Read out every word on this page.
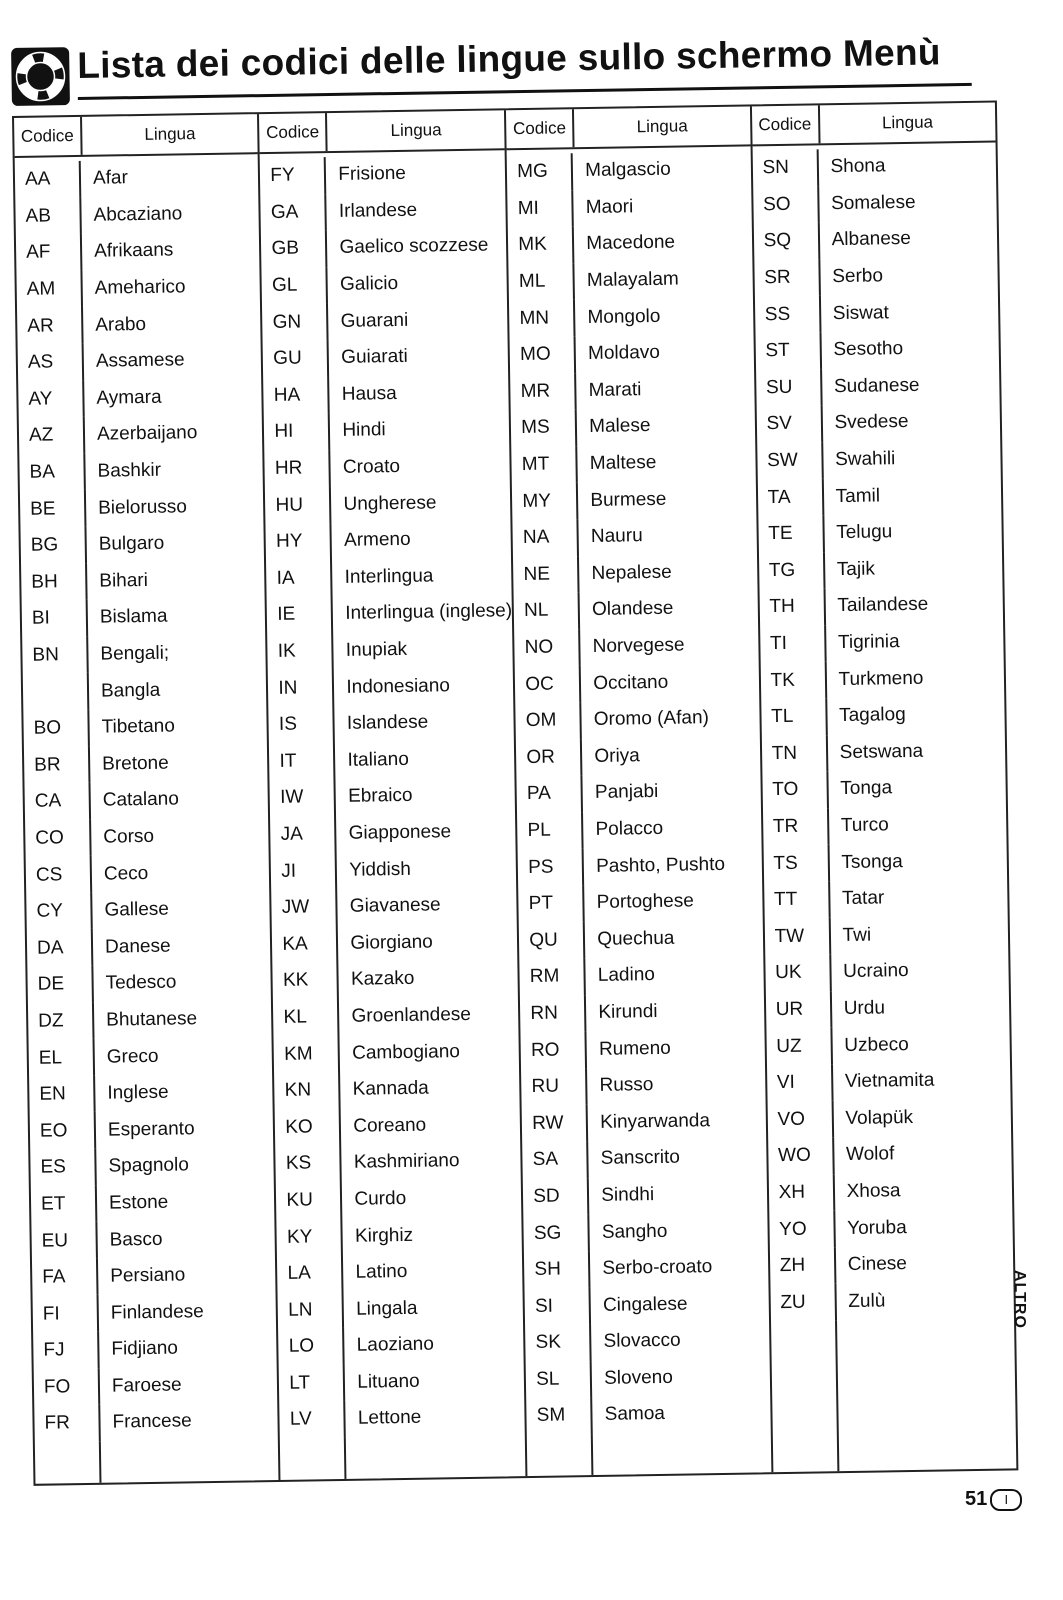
Lista dei codici delle lingue sullo schermo Menù
Codice	Lingua
AA	Afar
AB	Abcaziano
AF	Afrikaans
AM	Ameharico
AR	Arabo
AS	Assamese
AY	Aymara
AZ	Azerbaijano
BA	Bashkir
BE	Bielorusso
BG	Bulgaro
BH	Bihari
BI	Bislama
BN	Bengali;
Bangla
BO	Tibetano
BR	Bretone
CA	Catalano
CO	Corso
CS	Ceco
CY	Gallese
DA	Danese
DE	Tedesco
DZ	Bhutanese
EL	Greco
EN	Inglese
EO	Esperanto
ES	Spagnolo
ET	Estone
EU	Basco
FA	Persiano
FI	Finlandese
FJ	Fidjiano
FO	Faroese
FR	Francese
Codice	Lingua
FY	Frisione
GA	Irlandese
GB	Gaelico scozzese
GL	Galicio
GN	Guarani
GU	Guiarati
HA	Hausa
HI	Hindi
HR	Croato
HU	Ungherese
HY	Armeno
IA	Interlingua
IE	Interlingua (inglese)
IK	Inupiak
IN	Indonesiano
IS	Islandese
IT	Italiano
IW	Ebraico
JA	Giapponese
JI	Yiddish
JW	Giavanese
KA	Giorgiano
KK	Kazako
KL	Groenlandese
KM	Cambogiano
KN	Kannada
KO	Coreano
KS	Kashmiriano
KU	Curdo
KY	Kirghiz
LA	Latino
LN	Lingala
LO	Laoziano
LT	Lituano
LV	Lettone
Codice	Lingua
MG	Malgascio
MI	Maori
MK	Macedone
ML	Malayalam
MN	Mongolo
MO	Moldavo
MR	Marati
MS	Malese
MT	Maltese
MY	Burmese
NA	Nauru
NE	Nepalese
NL	Olandese
NO	Norvegese
OC	Occitano
OM	Oromo (Afan)
OR	Oriya
PA	Panjabi
PL	Polacco
PS	Pashto, Pushto
PT	Portoghese
QU	Quechua
RM	Ladino
RN	Kirundi
RO	Rumeno
RU	Russo
RW	Kinyarwanda
SA	Sanscrito
SD	Sindhi
SG	Sangho
SH	Serbo-croato
SI	Cingalese
SK	Slovacco
SL	Sloveno
SM	Samoa
Codice	Lingua
SN	Shona
SO	Somalese
SQ	Albanese
SR	Serbo
SS	Siswat
ST	Sesotho
SU	Sudanese
SV	Svedese
SW	Swahili
TA	Tamil
TE	Telugu
TG	Tajik
TH	Tailandese
TI	Tigrinia
TK	Turkmeno
TL	Tagalog
TN	Setswana
TO	Tonga
TR	Turco
TS	Tsonga
TT	Tatar
TW	Twi
UK	Ucraino
UR	Urdu
UZ	Uzbeco
VI	Vietnamita
VO	Volapük
WO	Wolof
XH	Xhosa
YO	Yoruba
ZH	Cinese
ZU	Zulù	ALTRO
51	I
